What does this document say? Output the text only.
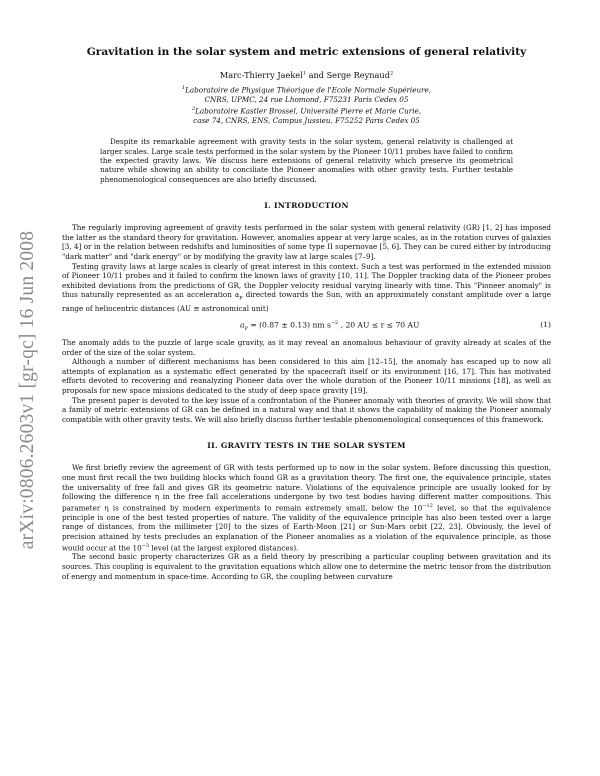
arXiv:0806.2603v1 [gr-qc] 16 Jun 2008
Gravitation in the solar system and metric extensions of general relativity
Marc-Thierry Jaekel$^1$ and Serge Reynaud$^2$
$^1$Laboratoire de Physique Théorique de l'Ecole Normale Supérieure,
CNRS, UPMC, 24 rue Lhomond, F75231 Paris Cedex 05
$^2$Laboratoire Kastler Brossel, Université Pierre et Marie Curie,
case 74, CNRS, ENS, Campus Jussieu, F75252 Paris Cedex 05
Despite its remarkable agreement with gravity tests in the solar system, general relativity is challenged at larger scales. Large scale tests performed in the solar system by the Pioneer 10/11 probes have failed to confirm the expected gravity laws. We discuss here extensions of general relativity which preserve its geometrical nature while showing an ability to conciliate the Pioneer anomalies with other gravity tests. Further testable phenomenological consequences are also briefly discussed.
I. INTRODUCTION

The regularly improving agreement of gravity tests performed in the solar system with general relativity (GR) [1, 2] has imposed the latter as the standard theory for gravitation. However, anomalies appear at very large scales, as in the rotation curves of galaxies [3, 4] or in the relation between redshifts and luminosities of some type II supernovae [5, 6]. They can be cured either by introducing "dark matter" and "dark energy" or by modifying the gravity law at large scales [7–9].

Testing gravity laws at large scales is clearly of great interest in this context. Such a test was performed in the extended mission of Pioneer 10/11 probes and it failed to confirm the known laws of gravity [10, 11]. The Doppler tracking data of the Pioneer probes exhibited deviations from the predictions of GR, the Doppler velocity residual varying linearly with time. This "Pioneer anomaly" is thus naturally represented as an acceleration $a_P$ directed towards the Sun, with an approximately constant amplitude over a large range of heliocentric distances (AU ≡ astronomical unit)

$a_P = (0.87 \pm 0.13)$ nm $s^{-2}$ , 20 AU ≤ r ≤ 70 AU	(1)

The anomaly adds to the puzzle of large scale gravity, as it may reveal an anomalous behaviour of gravity already at scales of the order of the size of the solar system.

Although a number of different mechanisms has been considered to this aim [12–15], the anomaly has escaped up to now all attempts of explanation as a systematic effect generated by the spacecraft itself or its environment [16, 17]. This has motivated efforts devoted to recovering and reanalyzing Pioneer data over the whole duration of the Pioneer 10/11 missions [18], as well as proposals for new space missions dedicated to the study of deep space gravity [19].

The present paper is devoted to the key issue of a confrontation of the Pioneer anomaly with theories of gravity. We will show that a family of metric extensions of GR can be defined in a natural way and that it shows the capability of making the Pioneer anomaly compatible with other gravity tests. We will also briefly discuss further testable phenomenological consequences of this framework.

II. GRAVITY TESTS IN THE SOLAR SYSTEM

We first briefly review the agreement of GR with tests performed up to now in the solar system. Before discussing this question, one must first recall the two building blocks which found GR as a gravitation theory. The first one, the equivalence principle, states the universality of free fall and gives GR its geometric nature. Violations of the equivalence principle are usually looked for by following the difference η in the free fall accelerations undergone by two test bodies having different matter compositions. This parameter η is constrained by modern experiments to remain extremely small, below the $10^{-12}$ level, so that the equivalence principle is one of the best tested properties of nature. The validity of the equivalence principle has also been tested over a large range of distances, from the millimeter [20] to the sizes of Earth-Moon [21] or Sun-Mars orbit [22, 23]. Obviously, the level of precision attained by tests precludes an explanation of the Pioneer anomalies as a violation of the equivalence principle, as those would occur at the $10^{-3}$ level (at the largest explored distances).

The second basic property characterizes GR as a field theory by prescribing a particular coupling between gravitation and its sources. This coupling is equivalent to the gravitation equations which allow one to determine the metric tensor from the distribution of energy and momentum in space-time. According to GR, the coupling between curvature
